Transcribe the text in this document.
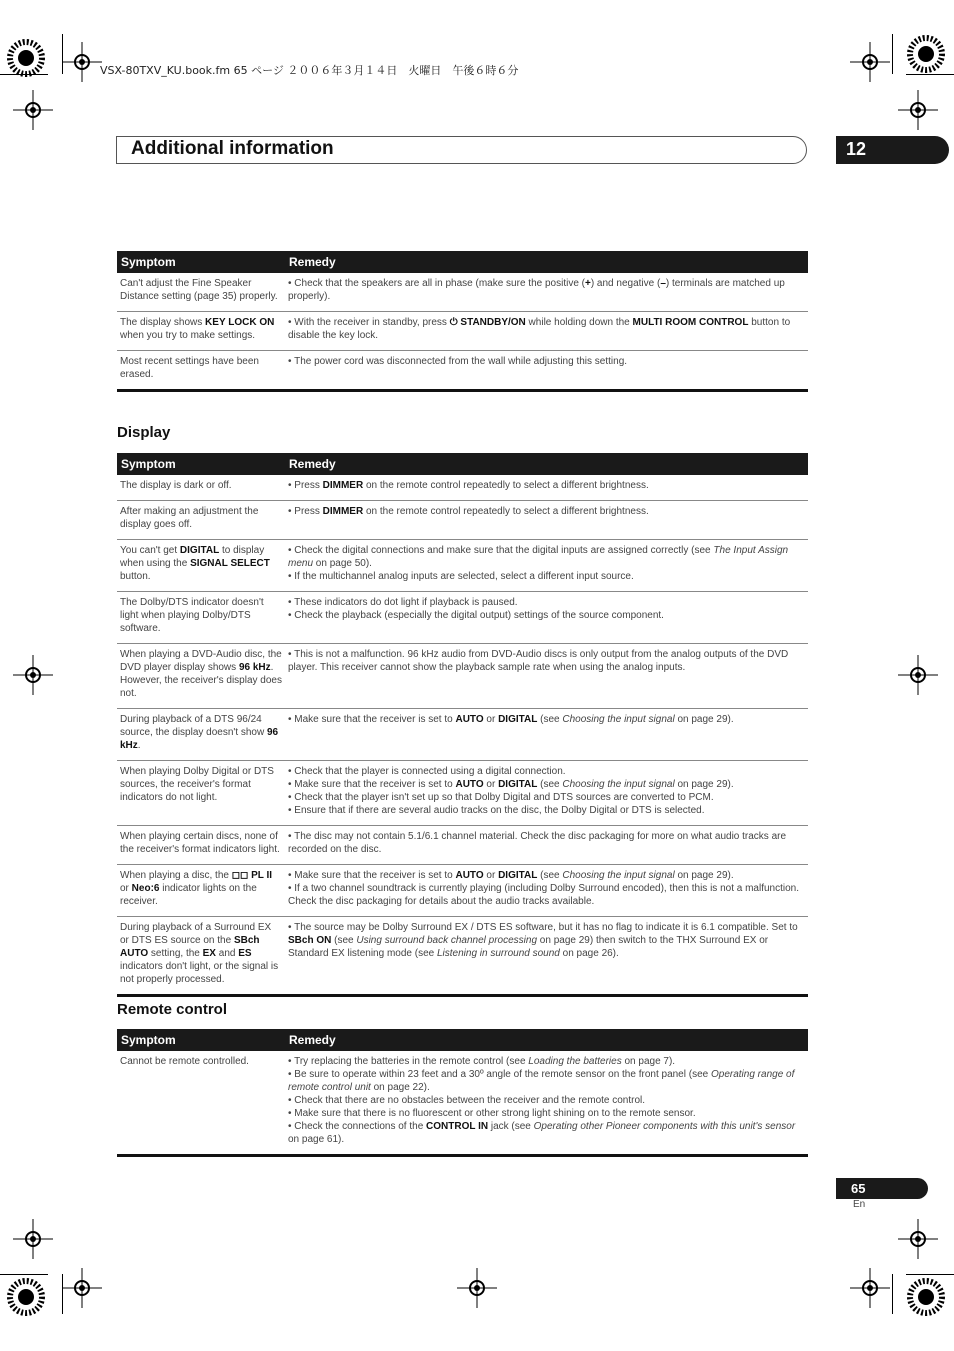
VSX-80TXV_KU.book.fm 65 ページ ２００６年３月１４日　火曜日　午後６時６分
Additional information	12
Display
Remote control
Symptom	Remedy
Can't adjust the Fine Speaker Distance setting (page 35) properly.	• Check that the speakers are all in phase (make sure the positive (+) and negative (–) terminals are matched up properly).

The display shows KEY LOCK ON when you try to make settings.	• With the receiver in standby, press ⏻ STANDBY/ON while holding down the MULTI ROOM CONTROL button to disable the key lock.

Most recent settings have been erased.	• The power cord was disconnected from the wall while adjusting this setting.
Symptom	Remedy
The display is dark or off.	• Press DIMMER on the remote control repeatedly to select a different brightness.

After making an adjustment the display goes off.	• Press DIMMER on the remote control repeatedly to select a different brightness.

You can't get DIGITAL to display when using the SIGNAL SELECT button.	• Check the digital connections and make sure that the digital inputs are assigned correctly (see The Input Assign menu on page 50).
• If the multichannel analog inputs are selected, select a different input source.

The Dolby/DTS indicator doesn't light when playing Dolby/DTS software.	• These indicators do dot light if playback is paused.
• Check the playback (especially the digital output) settings of the source component.

When playing a DVD-Audio disc, the DVD player display shows 96 kHz. However, the receiver's display does not.	• This is not a malfunction. 96 kHz audio from DVD-Audio discs is only output from the analog outputs of the DVD player. This receiver cannot show the playback sample rate when using the analog inputs.

During playback of a DTS 96/24 source, the display doesn't show 96 kHz.	• Make sure that the receiver is set to AUTO or DIGITAL (see Choosing the input signal on page 29).

When playing Dolby Digital or DTS sources, the receiver's format indicators do not light.	• Check that the player is connected using a digital connection.
• Make sure that the receiver is set to AUTO or DIGITAL (see Choosing the input signal on page 29).
• Check that the player isn't set up so that Dolby Digital and DTS sources are converted to PCM.
• Ensure that if there are several audio tracks on the disc, the Dolby Digital or DTS is selected.

When playing certain discs, none of the receiver's format indicators light.	• The disc may not contain 5.1/6.1 channel material. Check the disc packaging for more on what audio tracks are recorded on the disc.

When playing a disc, the ◻◻ PL II or Neo:6 indicator lights on the receiver.	• Make sure that the receiver is set to AUTO or DIGITAL (see Choosing the input signal on page 29).
• If a two channel soundtrack is currently playing (including Dolby Surround encoded), then this is not a malfunction. Check the disc packaging for details about the audio tracks available.

During playback of a Surround EX or DTS ES source on the SBch AUTO setting, the EX and ES indicators don't light, or the signal is not properly processed.	• The source may be Dolby Surround EX / DTS ES software, but it has no flag to indicate it is 6.1 compatible. Set to SBch ON (see Using surround back channel processing on page 29) then switch to the THX Surround EX or Standard EX listening mode (see Listening in surround sound on page 26).
Symptom	Remedy
Cannot be remote controlled.	• Try replacing the batteries in the remote control (see Loading the batteries on page 7).
• Be sure to operate within 23 feet and a 30º angle of the remote sensor on the front panel (see Operating range of remote control unit on page 22).
• Check that there are no obstacles between the receiver and the remote control.
• Make sure that there is no fluorescent or other strong light shining on to the remote sensor.
• Check the connections of the CONTROL IN jack (see Operating other Pioneer components with this unit's sensor on page 61).
65
En
